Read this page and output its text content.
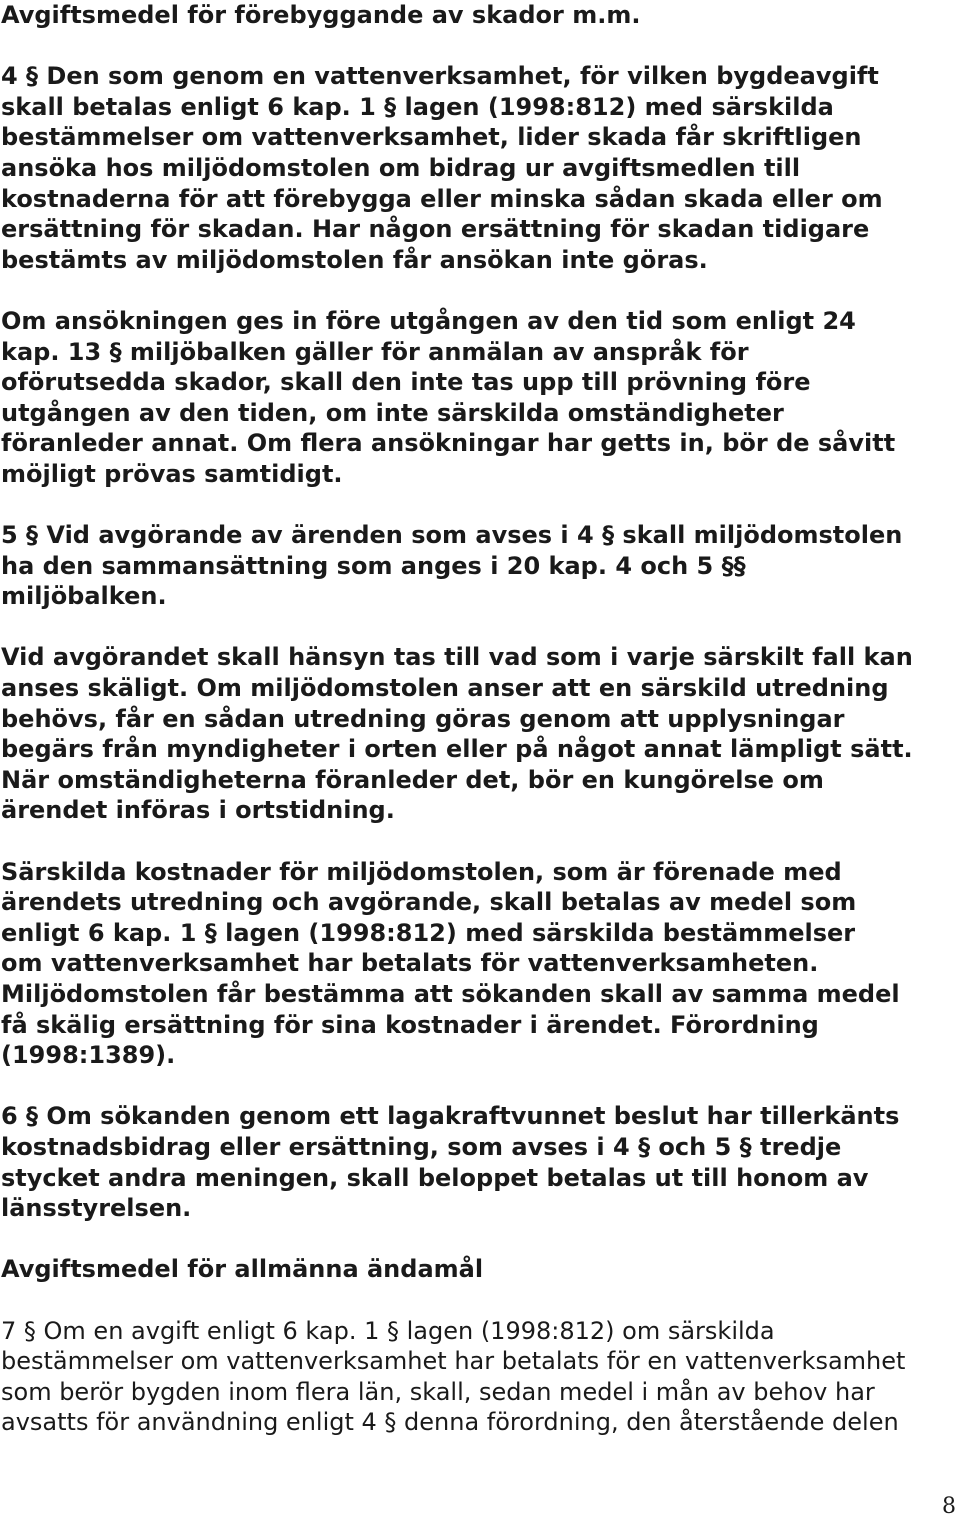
Avgiftsmedel för förebyggande av skador m.m.

4 § Den som genom en vattenverksamhet, för vilken bygdeavgift
skall betalas enligt 6 kap. 1 § lagen (1998:812) med särskilda
bestämmelser om vattenverksamhet, lider skada får skriftligen
ansöka hos miljödomstolen om bidrag ur avgiftsmedlen till
kostnaderna för att förebygga eller minska sådan skada eller om
ersättning för skadan. Har någon ersättning för skadan tidigare
bestämts av miljödomstolen får ansökan inte göras.

Om ansökningen ges in före utgången av den tid som enligt 24
kap. 13 § miljöbalken gäller för anmälan av anspråk för
oförutsedda skador, skall den inte tas upp till prövning före
utgången av den tiden, om inte särskilda omständigheter
föranleder annat. Om flera ansökningar har getts in, bör de såvitt
möjligt prövas samtidigt.

5 § Vid avgörande av ärenden som avses i 4 § skall miljödomstolen
ha den sammansättning som anges i 20 kap. 4 och 5 §§
miljöbalken.

Vid avgörandet skall hänsyn tas till vad som i varje särskilt fall kan
anses skäligt. Om miljödomstolen anser att en särskild utredning
behövs, får en sådan utredning göras genom att upplysningar
begärs från myndigheter i orten eller på något annat lämpligt sätt.
När omständigheterna föranleder det, bör en kungörelse om
ärendet införas i ortstidning.

Särskilda kostnader för miljödomstolen, som är förenade med
ärendets utredning och avgörande, skall betalas av medel som
enligt 6 kap. 1 § lagen (1998:812) med särskilda bestämmelser
om vattenverksamhet har betalats för vattenverksamheten.
Miljödomstolen får bestämma att sökanden skall av samma medel
få skälig ersättning för sina kostnader i ärendet. Förordning
(1998:1389).

6 § Om sökanden genom ett lagakraftvunnet beslut har tillerkänts
kostnadsbidrag eller ersättning, som avses i 4 § och 5 § tredje
stycket andra meningen, skall beloppet betalas ut till honom av
länsstyrelsen.

Avgiftsmedel för allmänna ändamål

7 § Om en avgift enligt 6 kap. 1 § lagen (1998:812) om särskilda
bestämmelser om vattenverksamhet har betalats för en vattenverksamhet
som berör bygden inom flera län, skall, sedan medel i mån av behov har
avsatts för användning enligt 4 § denna förordning, den återstående delen

8
